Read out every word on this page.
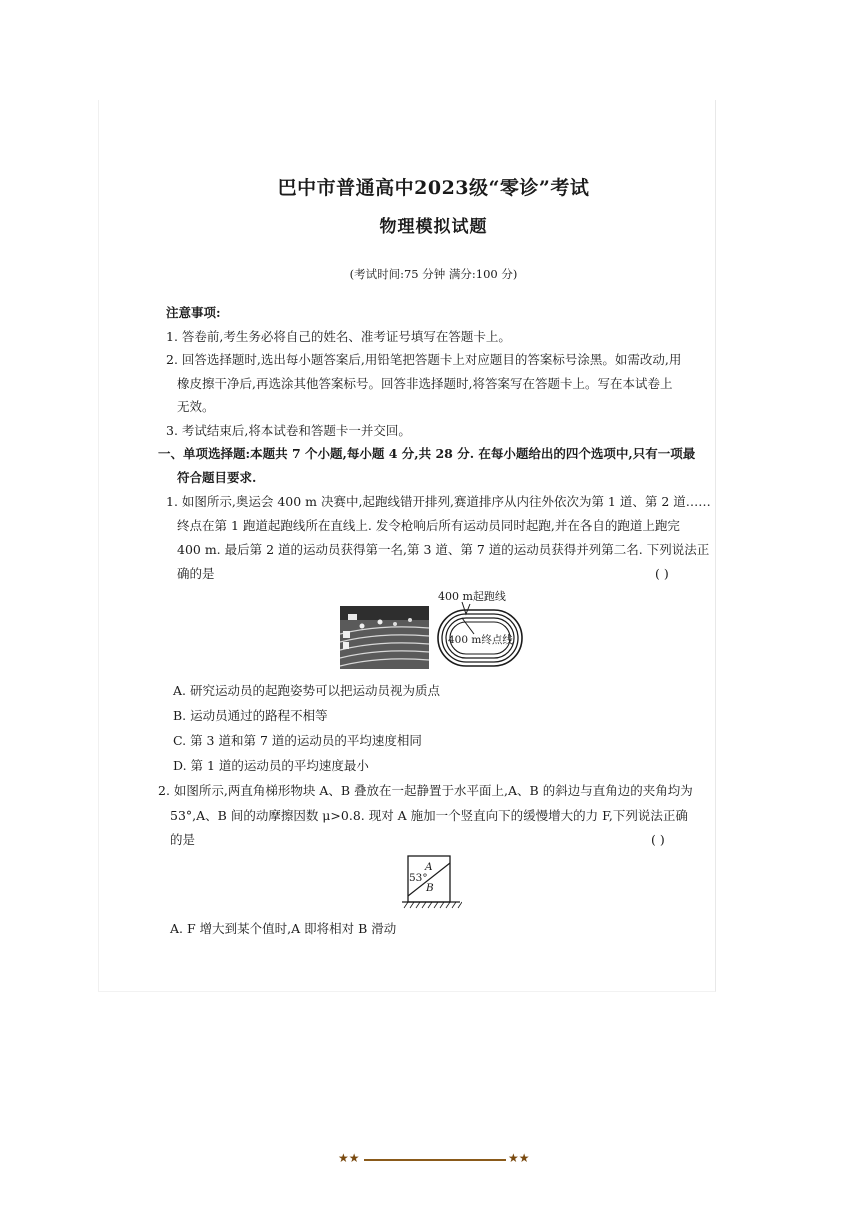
巴中市普通高中2023级“零诊”考试
物理模拟试题
(考试时间:75 分钟 满分:100 分)
注意事项:
1. 答卷前,考生务必将自己的姓名、准考证号填写在答题卡上。
2. 回答选择题时,选出每小题答案后,用铅笔把答题卡上对应题目的答案标号涂黑。如需改动,用
橡皮擦干净后,再选涂其他答案标号。回答非选择题时,将答案写在答题卡上。写在本试卷上
无效。
3. 考试结束后,将本试卷和答题卡一并交回。
一、单项选择题:本题共 7 个小题,每小题 4 分,共 28 分. 在每小题给出的四个选项中,只有一项最
符合题目要求.
1. 如图所示,奥运会 400 m 决赛中,起跑线错开排列,赛道排序从内往外依次为第 1 道、第 2 道……
终点在第 1 跑道起跑线所在直线上. 发令枪响后所有运动员同时起跑,并在各自的跑道上跑完
400 m. 最后第 2 道的运动员获得第一名,第 3 道、第 7 道的运动员获得并列第二名. 下列说法正
确的是	( )
400 m起跑线
400 m终点线
A. 研究运动员的起跑姿势可以把运动员视为质点
B. 运动员通过的路程不相等
C. 第 3 道和第 7 道的运动员的平均速度相同
D. 第 1 道的运动员的平均速度最小
2. 如图所示,两直角梯形物块 A、B 叠放在一起静置于水平面上,A、B 的斜边与直角边的夹角均为
53°,A、B 间的动摩擦因数 μ>0.8. 现对 A 施加一个竖直向下的缓慢增大的力 F,下列说法正确
的是	( )
A
53°
B
A. F 增大到某个值时,A 即将相对 B 滑动
★★	★★
